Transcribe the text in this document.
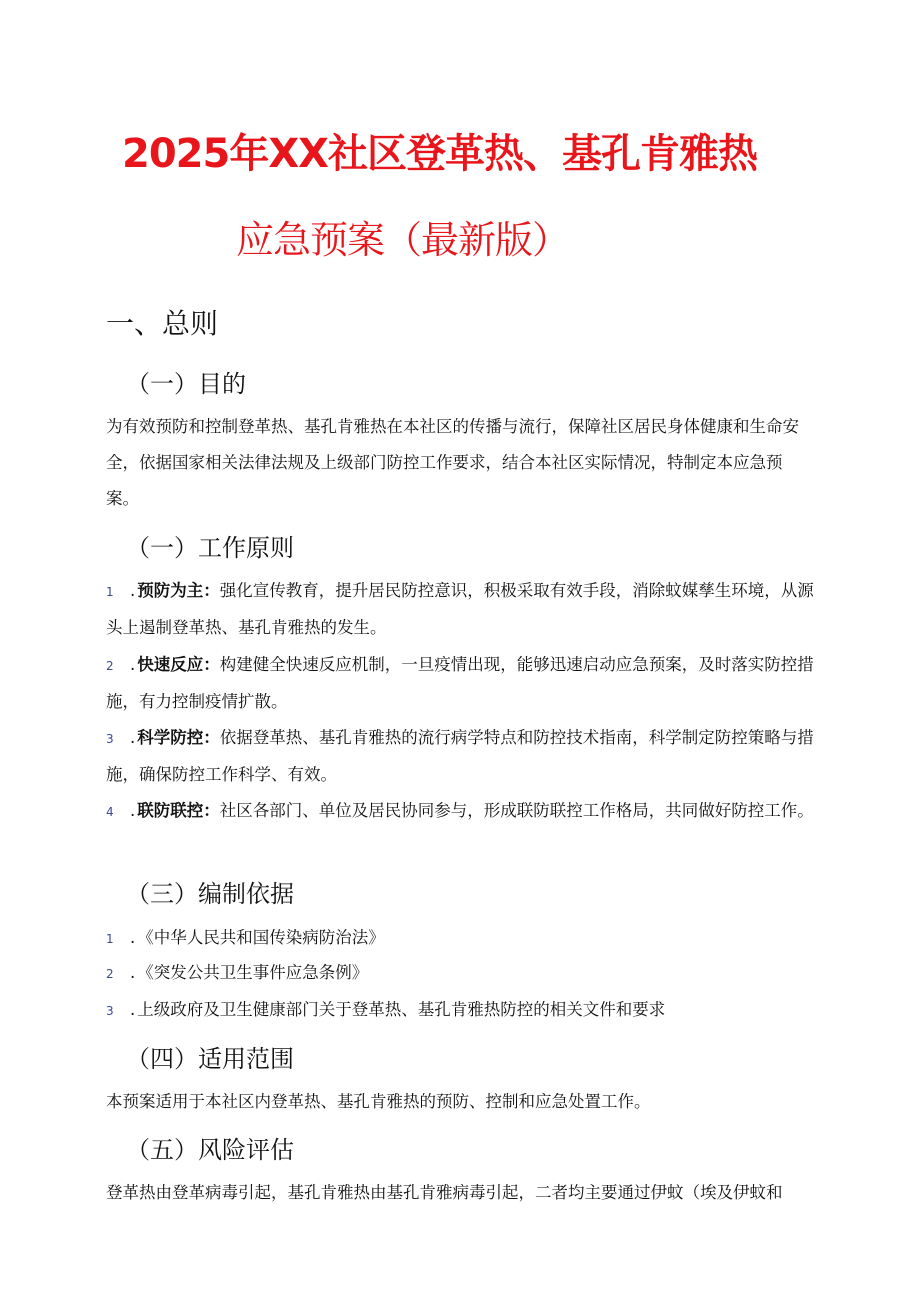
2025年XX社区登革热、基孔肯雅热
应急预案（最新版）
一、总则
（一）目的
为有效预防和控制登革热、基孔肯雅热在本社区的传播与流行，保障社区居民身体健康和生命安全，依据国家相关法律法规及上级部门防控工作要求，结合本社区实际情况，特制定本应急预案。
（一）工作原则
1 . 预防为主：强化宣传教育，提升居民防控意识，积极采取有效手段，消除蚊媒孳生环境，从源头上遏制登革热、基孔肯雅热的发生。
2 . 快速反应：构建健全快速反应机制，一旦疫情出现，能够迅速启动应急预案，及时落实防控措施，有力控制疫情扩散。
3 . 科学防控：依据登革热、基孔肯雅热的流行病学特点和防控技术指南，科学制定防控策略与措施，确保防控工作科学、有效。
4 . 联防联控：社区各部门、单位及居民协同参与，形成联防联控工作格局，共同做好防控工作。
（三）编制依据
1 . 《中华人民共和国传染病防治法》
2 . 《突发公共卫生事件应急条例》
3 . 上级政府及卫生健康部门关于登革热、基孔肯雅热防控的相关文件和要求
（四）适用范围
本预案适用于本社区内登革热、基孔肯雅热的预防、控制和应急处置工作。
（五）风险评估
登革热由登革病毒引起，基孔肯雅热由基孔肯雅病毒引起，二者均主要通过伊蚊（埃及伊蚊和
